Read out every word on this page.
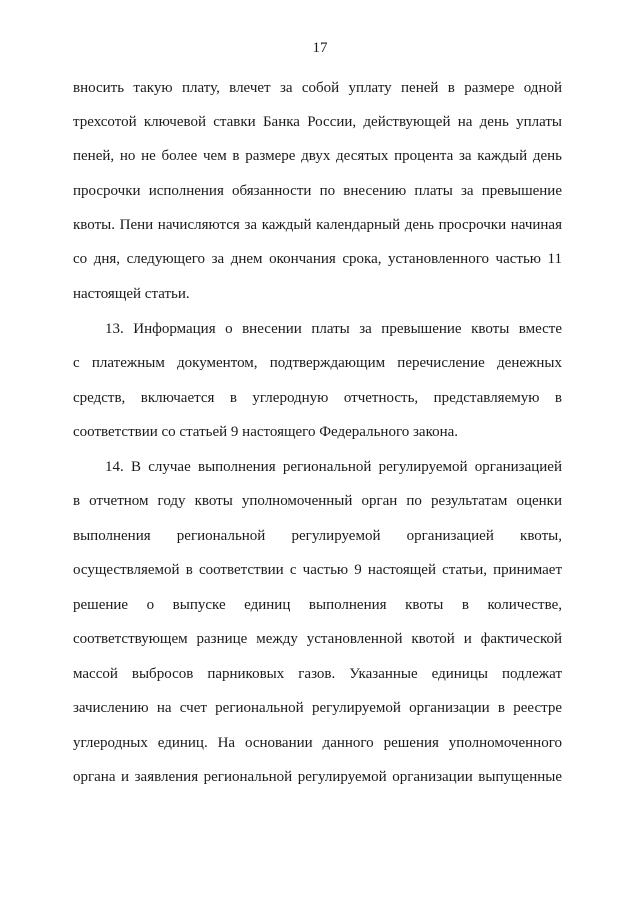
17
вносить такую плату, влечет за собой уплату пеней в размере одной
трехсотой ключевой ставки Банка России, действующей на день уплаты
пеней, но не более чем в размере двух десятых процента за каждый день
просрочки исполнения обязанности по внесению платы за превышение
квоты. Пени начисляются за каждый календарный день просрочки начиная
со дня, следующего за днем окончания срока, установленного частью 11
настоящей статьи.
13. Информация о внесении платы за превышение квоты вместе
с платежным документом, подтверждающим перечисление денежных
средств, включается в углеродную отчетность, представляемую в
соответствии со статьей 9 настоящего Федерального закона.
14. В случае выполнения региональной регулируемой организацией
в отчетном году квоты уполномоченный орган по результатам оценки
выполнения региональной регулируемой организацией квоты,
осуществляемой в соответствии с частью 9 настоящей статьи, принимает
решение о выпуске единиц выполнения квоты в количестве,
соответствующем разнице между установленной квотой и фактической
массой выбросов парниковых газов. Указанные единицы подлежат
зачислению на счет региональной регулируемой организации в реестре
углеродных единиц. На основании данного решения уполномоченного
органа и заявления региональной регулируемой организации выпущенные
